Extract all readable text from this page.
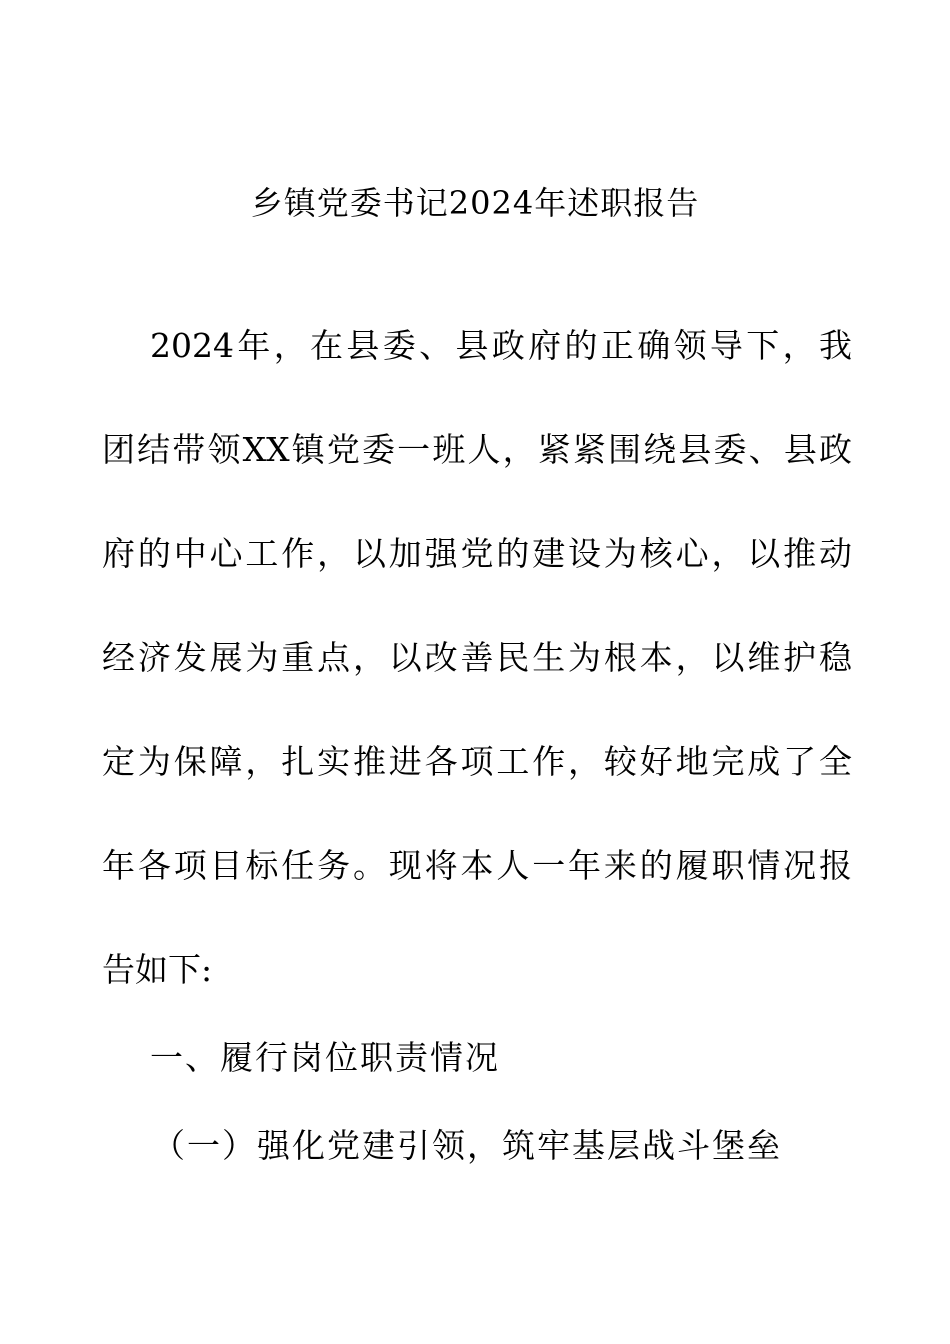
乡镇党委书记2024年述职报告
2024年，在县委、县政府的正确领导下，我
团结带领XX镇党委一班人，紧紧围绕县委、县政
府的中心工作，以加强党的建设为核心，以推动
经济发展为重点，以改善民生为根本，以维护稳
定为保障，扎实推进各项工作，较好地完成了全
年各项目标任务。现将本人一年来的履职情况报
告如下:
一、履行岗位职责情况
（一）强化党建引领，筑牢基层战斗堡垒
